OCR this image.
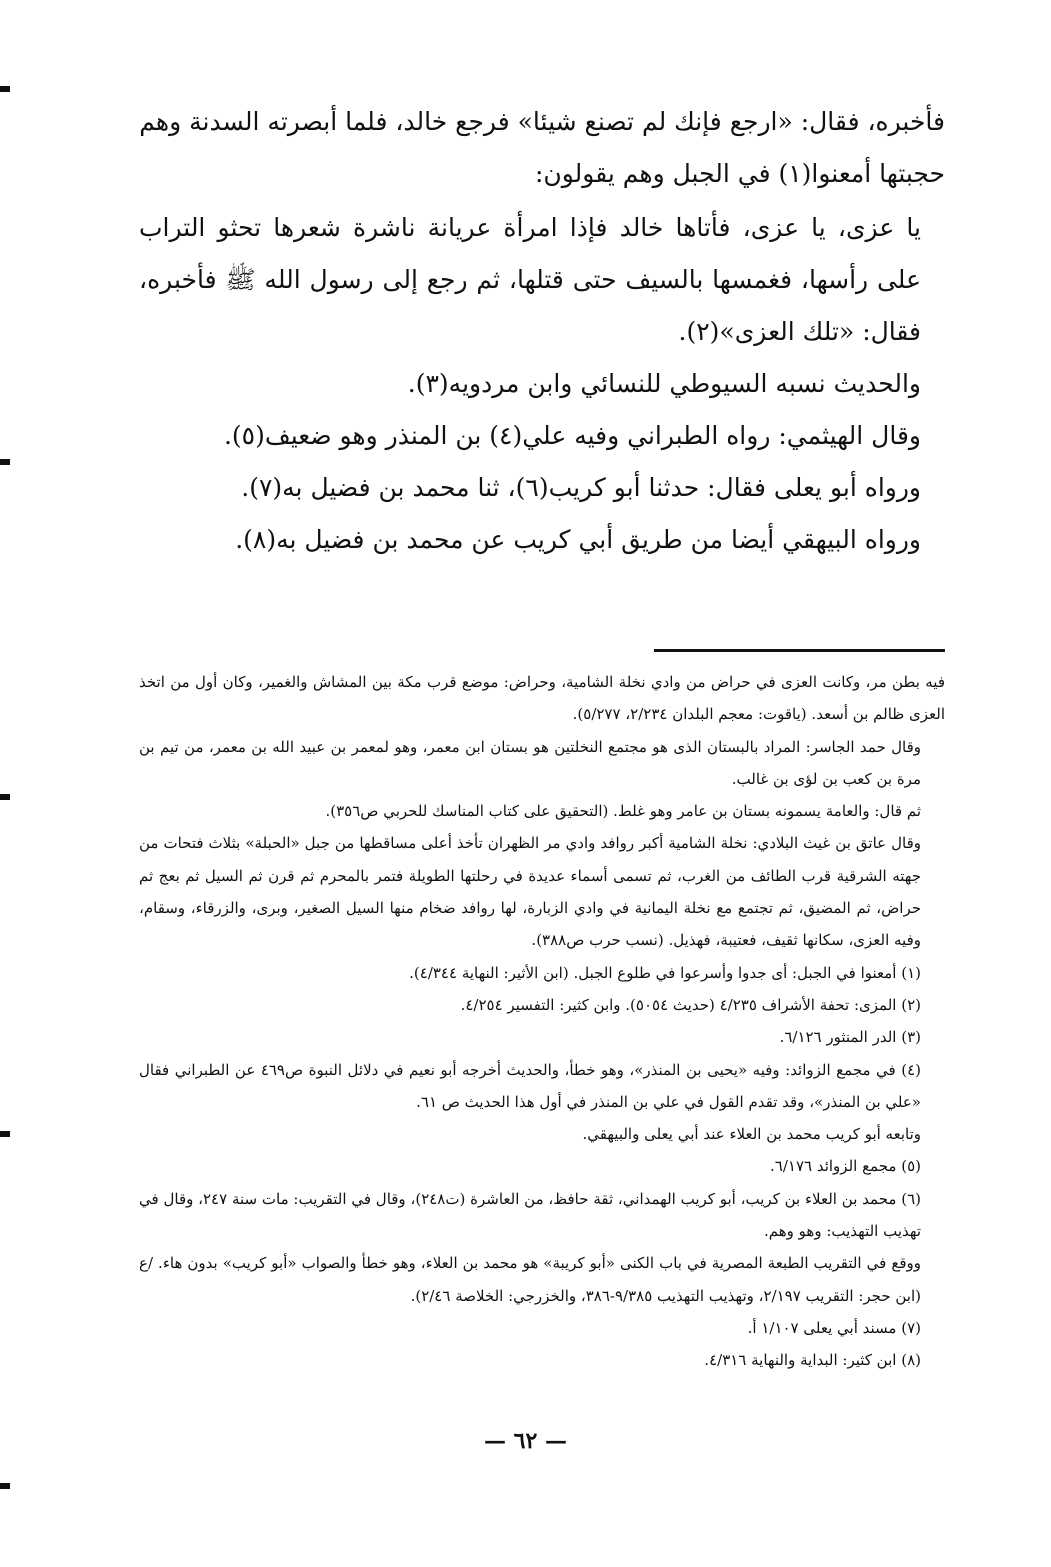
فأخبره، فقال: «ارجع فإنك لم تصنع شيئا» فرجع خالد، فلما أبصرته السدنة وهم
حجبتها أمعنوا(١) في الجبل وهم يقولون:

يا عزى، يا عزى، فأتاها خالد فإذا امرأة عريانة ناشرة شعرها تحثو التراب على رأسها، فغمسها بالسيف حتى قتلها، ثم رجع إلى رسول الله ﷺ فأخبره، فقال: «تلك العزى»(٢).

والحديث نسبه السيوطي للنسائي وابن مردويه(٣).

وقال الهيثمي: رواه الطبراني وفيه علي(٤) بن المنذر وهو ضعيف(٥).

ورواه أبو يعلى فقال: حدثنا أبو كريب(٦)، ثنا محمد بن فضيل به(٧).

ورواه البيهقي أيضا من طريق أبي كريب عن محمد بن فضيل به(٨).

فيه بطن مر، وكانت العزى في حراض من وادي نخلة الشامية، وحراض: موضع قرب مكة بين المشاش والغمير، وكان أول من اتخذ العزى ظالم بن أسعد. (ياقوت: معجم البلدان ٢/٢٣٤، ٥/٢٧٧).

وقال حمد الجاسر: المراد بالبستان الذى هو مجتمع النخلتين هو بستان ابن معمر، وهو لمعمر بن عبيد الله بن معمر، من تيم بن مرة بن كعب بن لؤى بن غالب.

ثم قال: والعامة يسمونه بستان بن عامر وهو غلط. (التحقيق على كتاب المناسك للحربي ص٣٥٦).

وقال عاتق بن غيث البلادي: نخلة الشامية أكبر روافد وادي مر الظهران تأخذ أعلى مساقطها من جبل «الحبلة» بثلاث فتحات من جهته الشرقية قرب الطائف من الغرب، ثم تسمى أسماء عديدة في رحلتها الطويلة فتمر بالمحرم ثم قرن ثم السيل ثم بعج ثم حراض، ثم المضيق، ثم تجتمع مع نخلة اليمانية في وادي الزبارة، لها روافد ضخام منها السيل الصغير، وبرى، والزرقاء، وسقام، وفيه العزى، سكانها ثقيف، فعتيبة، فهذيل. (نسب حرب ص٣٨٨).

(١) أمعنوا في الجبل: أى جدوا وأسرعوا في طلوع الجبل. (ابن الأثير: النهاية ٤/٣٤٤).

(٢) المزى: تحفة الأشراف ٤/٢٣٥ (حديث ٥٠٥٤). وابن كثير: التفسير ٤/٢٥٤.

(٣) الدر المنثور ٦/١٢٦.

(٤) في مجمع الزوائد: وفيه «يحيى بن المنذر»، وهو خطأ، والحديث أخرجه أبو نعيم في دلائل النبوة ص٤٦٩ عن الطبراني فقال «علي بن المنذر»، وقد تقدم القول في علي بن المنذر في أول هذا الحديث ص ٦١.

وتابعه أبو كريب محمد بن العلاء عند أبي يعلى والبيهقي.

(٥) مجمع الزوائد ٦/١٧٦.

(٦) محمد بن العلاء بن كريب، أبو كريب الهمداني، ثقة حافظ، من العاشرة (ت٢٤٨)، وقال في التقريب: مات سنة ٢٤٧، وقال في تهذيب التهذيب: وهو وهم.

ووقع في التقريب الطبعة المصرية في باب الكنى «أبو كريبة» هو محمد بن العلاء، وهو خطأ والصواب «أبو كريب» بدون هاء. /ع (ابن حجر: التقريب ٢/١٩٧، وتهذيب التهذيب ٩/٣٨٥-٣٨٦، والخزرجي: الخلاصة ٢/٤٦).

(٧) مسند أبي يعلى ١/١٠٧ أ.

(٨) ابن كثير: البداية والنهاية ٤/٣١٦.

— ٦٢ —
